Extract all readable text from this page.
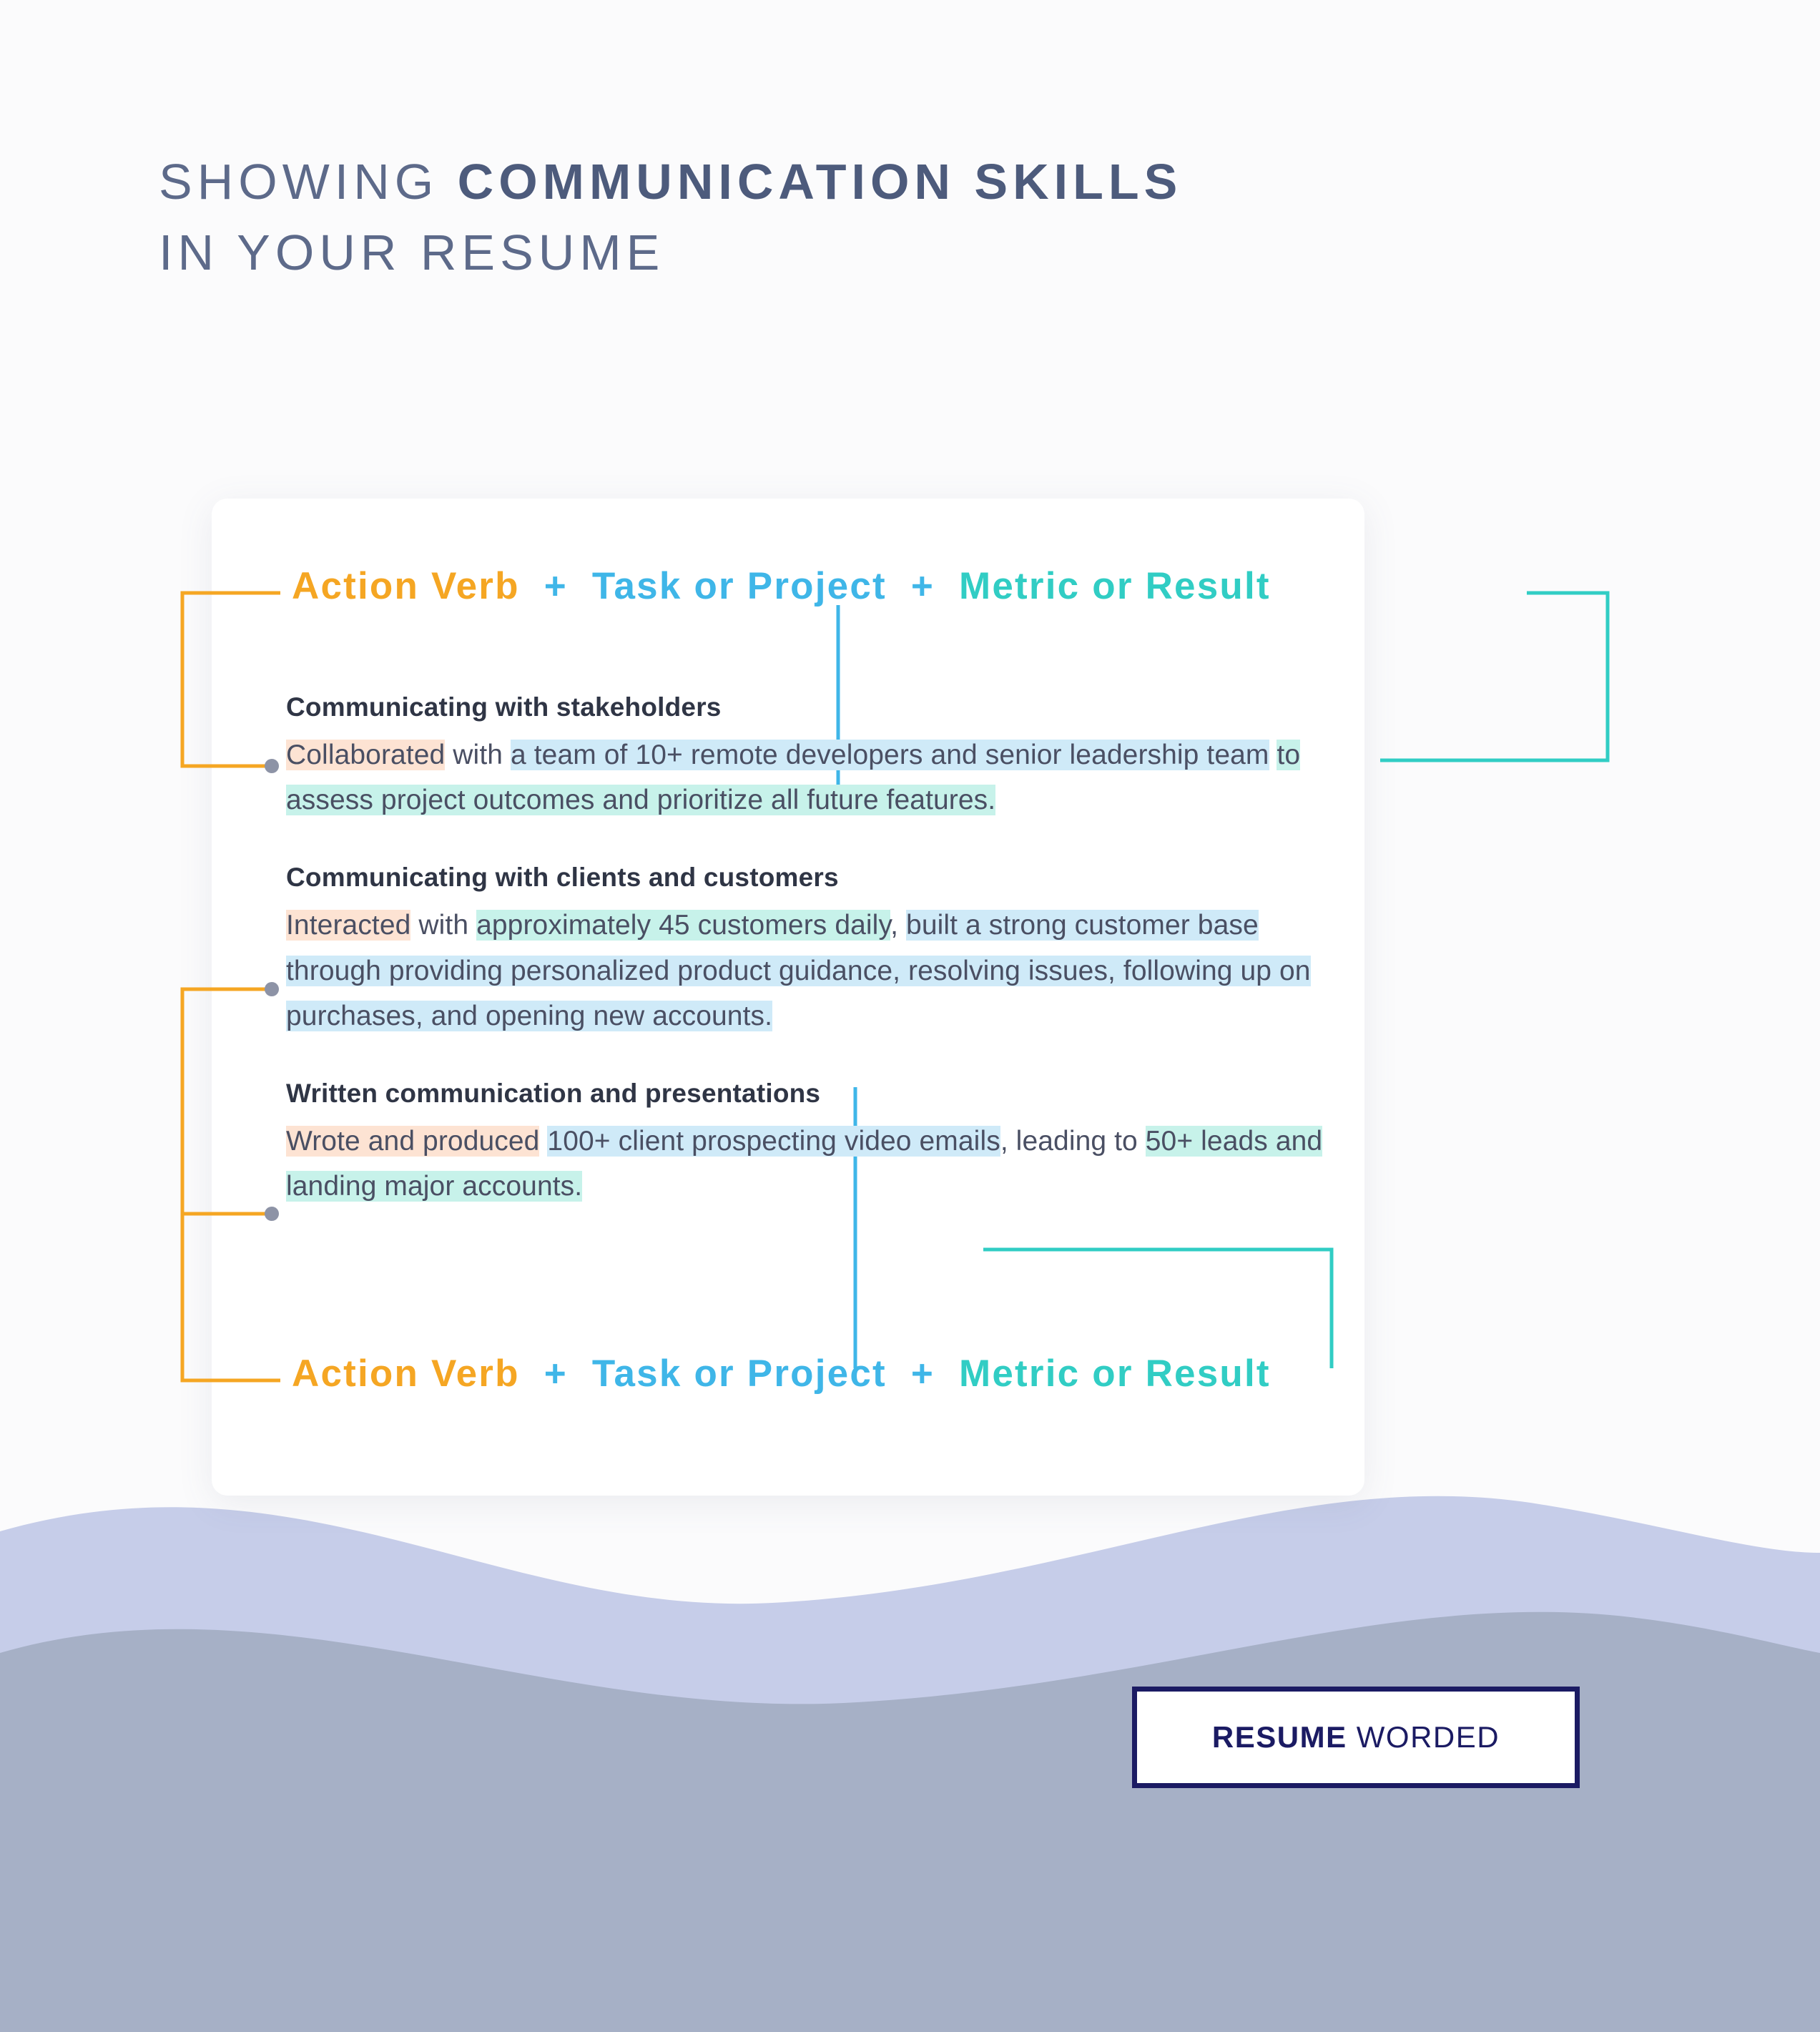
SHOWING COMMUNICATION SKILLS
IN YOUR RESUME
Action Verb + Task or Project + Metric or Result
Action Verb + Task or Project + Metric or Result
Communicating with stakeholders
Collaborated with a team of 10+ remote developers and senior leadership team to assess project outcomes and prioritize all future features.
Communicating with clients and customers
Interacted with approximately 45 customers daily, built a strong customer base through providing personalized product guidance, resolving issues, following up on purchases, and opening new accounts.
Written communication and presentations
Wrote and produced 100+ client prospecting video emails, leading to 50+ leads and landing major accounts.
RESUME WORDED
